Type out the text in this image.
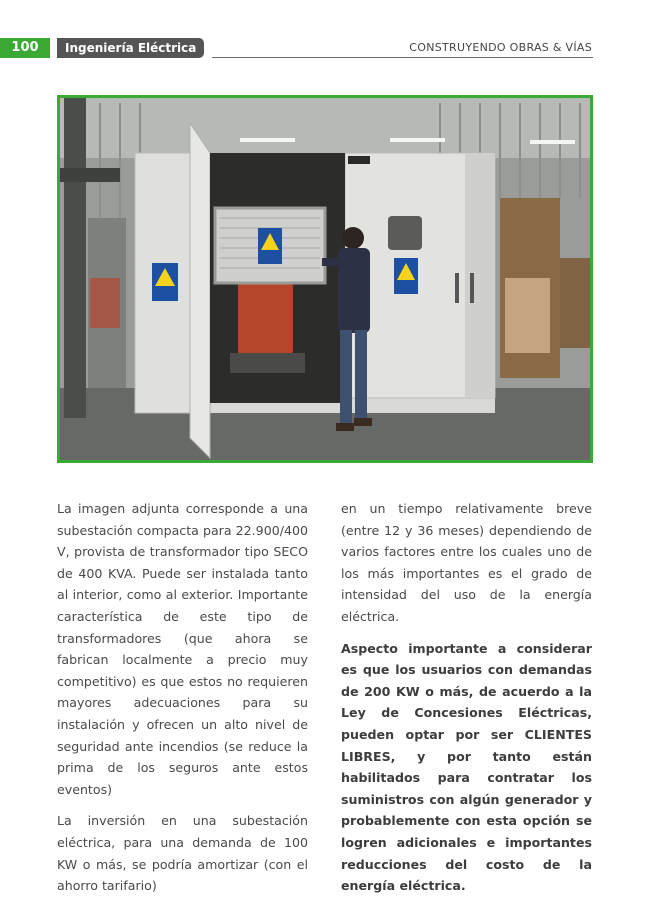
100	Ingeniería Eléctrica	CONSTRUYENDO OBRAS & VÍAS

La imagen adjunta corresponde a una subestación compacta para 22.900/400 V, provista de transformador tipo SECO de 400 KVA. Puede ser instalada tanto al interior, como al exterior. Importante característica de este tipo de transformadores (que ahora se fabrican localmente a precio muy competitivo) es que estos no requieren mayores adecuaciones para su instalación y ofrecen un alto nivel de seguridad ante incendios (se reduce la prima de los seguros ante estos eventos)

La inversión en una subestación eléctrica, para una demanda de 100 KW o más, se podría amortizar (con el ahorro tarifario)

en un tiempo relativamente breve (entre 12 y 36 meses) dependiendo de varios factores entre los cuales uno de los más importantes es el grado de intensidad del uso de la energía eléctrica.

Aspecto importante a considerar es que los usuarios con demandas de 200 KW o más, de acuerdo a la Ley de Concesiones Eléctricas, pueden optar por ser CLIENTES LIBRES, y por tanto están habilitados para contratar los suministros con algún generador y probablemente con esta opción se logren adicionales e importantes reducciones del costo de la energía eléctrica.
